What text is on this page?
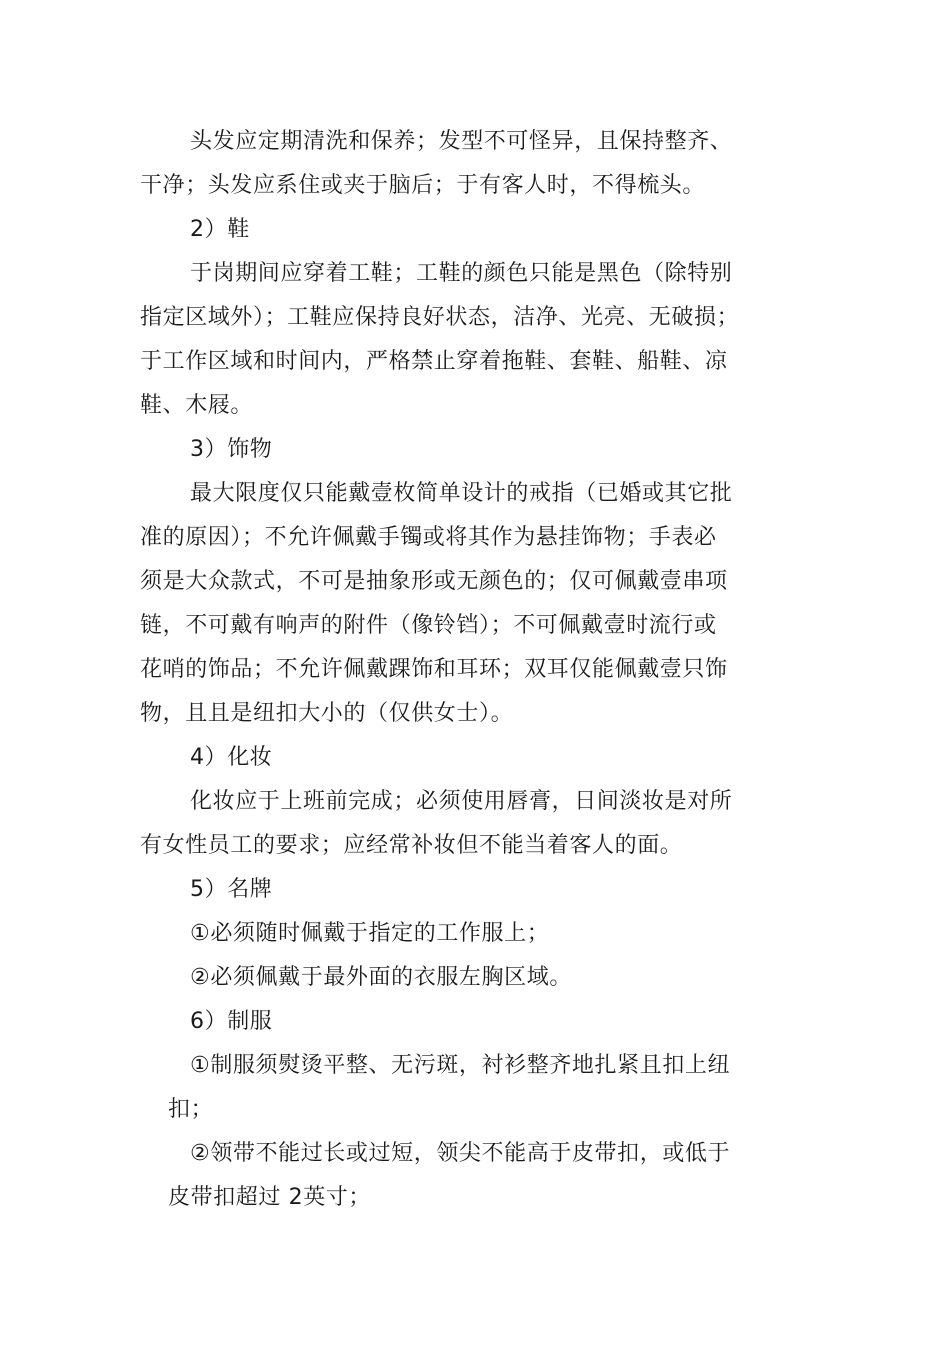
头发应定期清洗和保养；发型不可怪异，且保持整齐、
干净；头发应系住或夹于脑后；于有客人时，不得梳头。
2）鞋
于岗期间应穿着工鞋；工鞋的颜色只能是黑色（除特别
指定区域外）；工鞋应保持良好状态，洁净、光亮、无破损；
于工作区域和时间内，严格禁止穿着拖鞋、套鞋、船鞋、凉
鞋、木屐。
3）饰物
最大限度仅只能戴壹枚简单设计的戒指（已婚或其它批
准的原因）；不允许佩戴手镯或将其作为悬挂饰物；手表必
须是大众款式，不可是抽象形或无颜色的；仅可佩戴壹串项
链，不可戴有响声的附件（像铃铛）；不可佩戴壹时流行或
花哨的饰品；不允许佩戴踝饰和耳环；双耳仅能佩戴壹只饰
物，且且是纽扣大小的（仅供女士）。
4）化妆
化妆应于上班前完成；必须使用唇膏，日间淡妆是对所
有女性员工的要求；应经常补妆但不能当着客人的面。
5）名牌
①必须随时佩戴于指定的工作服上；
②必须佩戴于最外面的衣服左胸区域。
6）制服
①制服须熨烫平整、无污斑，衬衫整齐地扎紧且扣上纽
扣；
②领带不能过长或过短，领尖不能高于皮带扣，或低于
皮带扣超过 2英寸；
